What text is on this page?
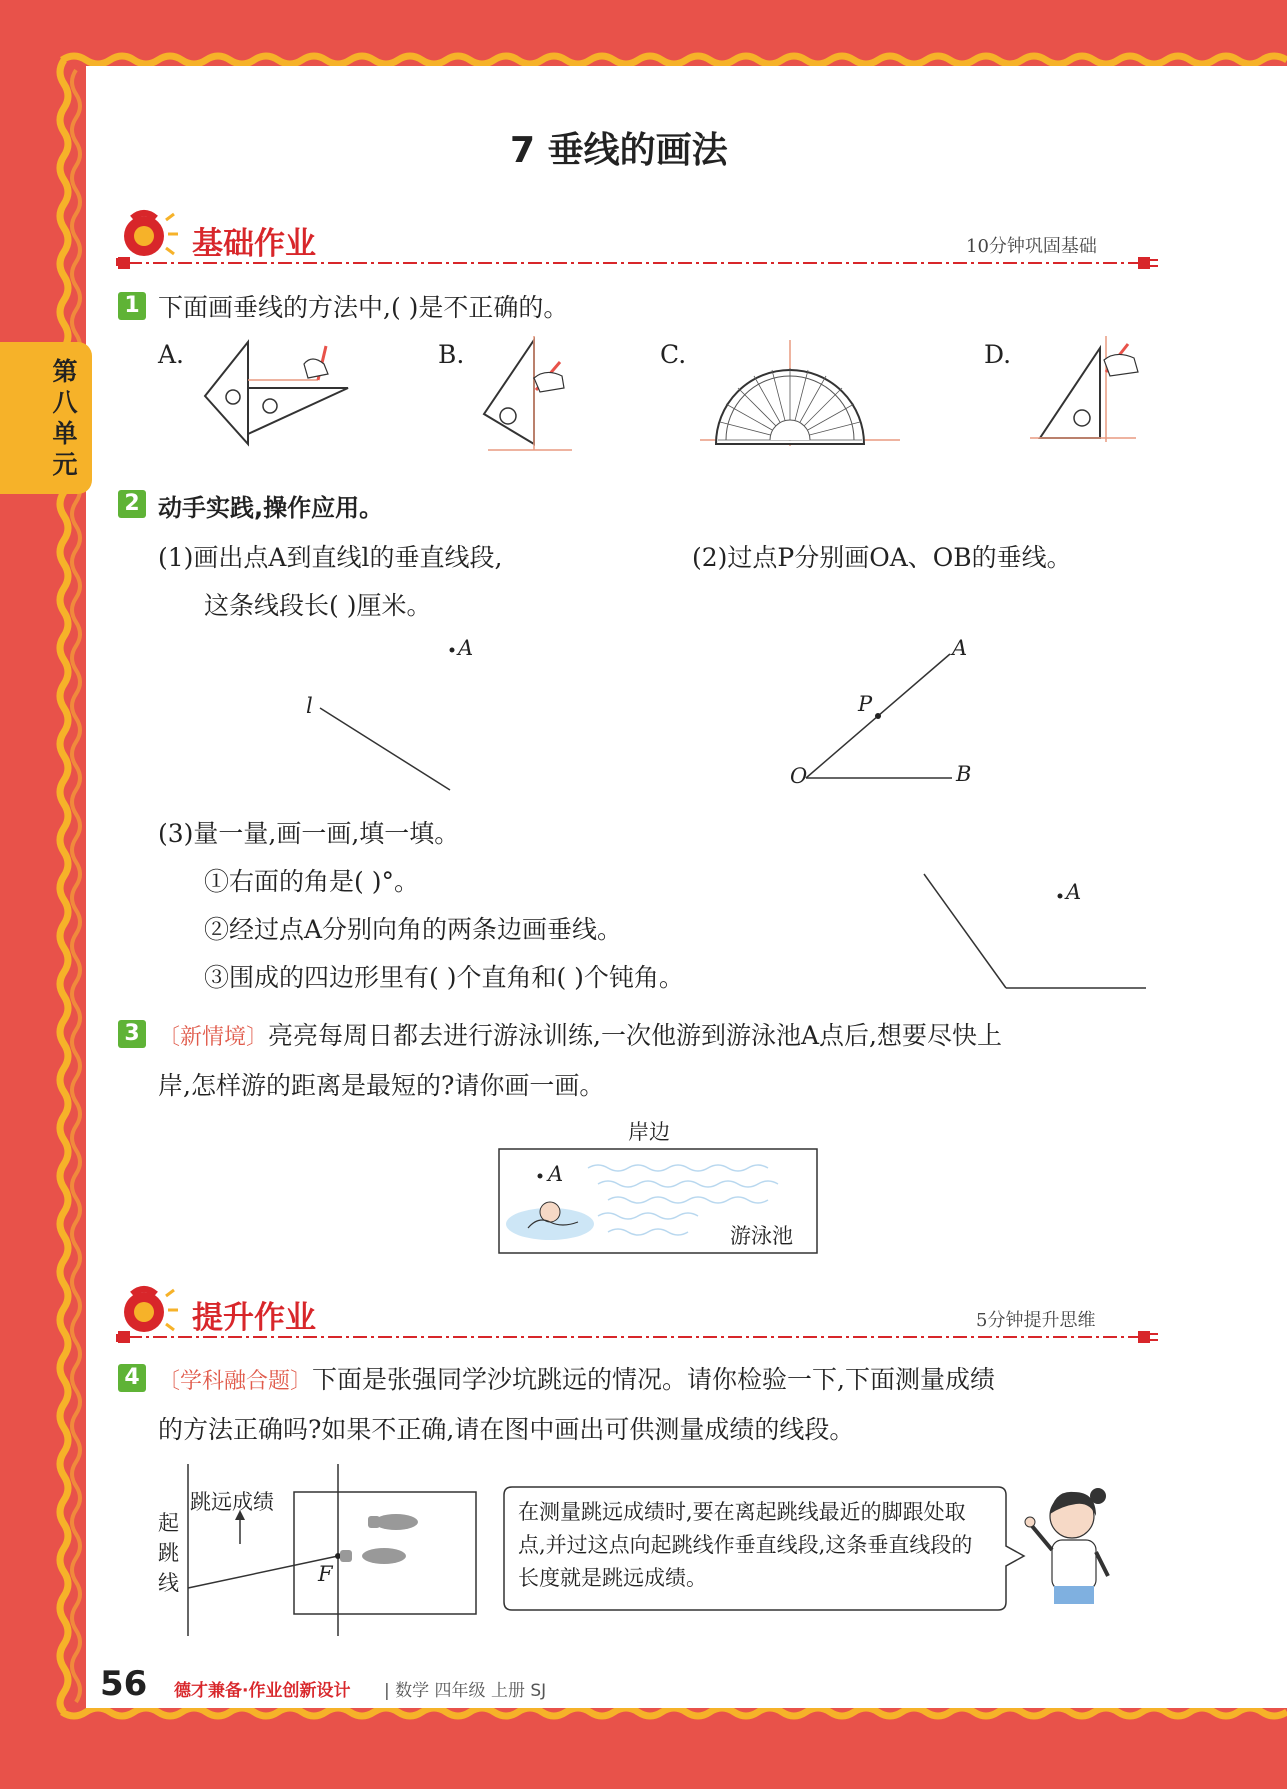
第八单元
7 垂线的画法
基础作业	10分钟巩固基础
1 下面画垂线的方法中,( )是不正确的。
A.	B.	C.	D.
2 动手实践,操作应用。
(1)画出点A到直线l的垂直线段,
这条线段长( )厘米。
(2)过点P分别画OA、OB的垂线。
A
l
A
P
O	B
(3)量一量,画一画,填一填。
①右面的角是( )°。
②经过点A分别向角的两条边画垂线。
③围成的四边形里有( )个直角和( )个钝角。
A
3 〔新情境〕亮亮每周日都去进行游泳训练,一次他游到游泳池A点后,想要尽快上
岸,怎样游的距离是最短的?请你画一画。
岸边
A
游泳池
提升作业	5分钟提升思维
4 〔学科融合题〕下面是张强同学沙坑跳远的情况。请你检验一下,下面测量成绩
的方法正确吗?如果不正确,请在图中画出可供测量成绩的线段。
跳远成绩
起跳线	F
在测量跳远成绩时,要在离起跳线最近的脚跟处取点,并过这点向起跳线作垂直线段,这条垂直线段的长度就是跳远成绩。
56 德才兼备·作业创新设计 | 数学 四年级 上册 SJ
